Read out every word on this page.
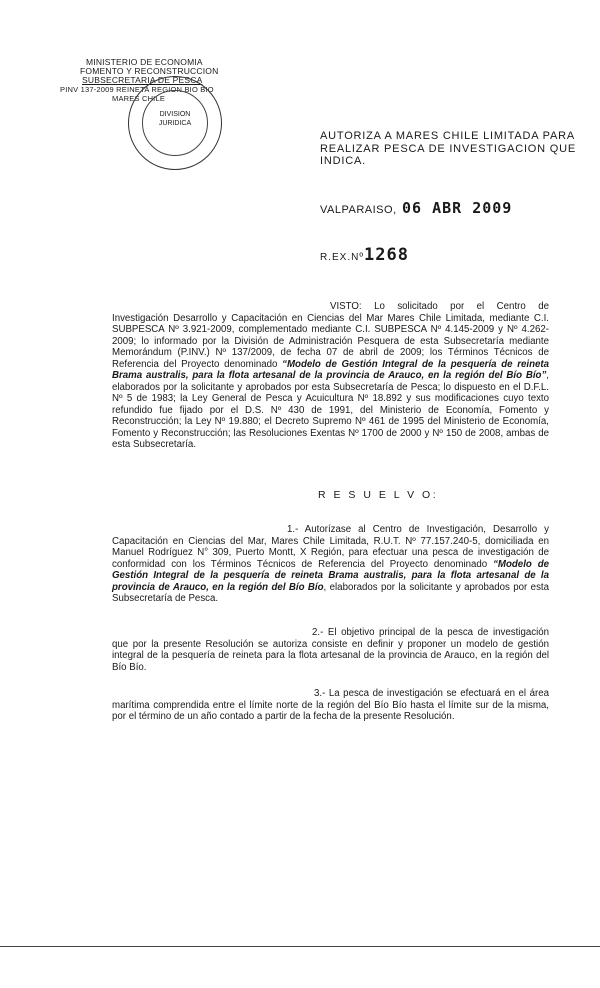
MINISTERIO DE ECONOMIA
FOMENTO Y RECONSTRUCCION
SUBSECRETARIA DE PESCA
PINV 137-2009 REINETA REGION BIO BIO
MARES CHILE
DIVISION
JURIDICA
AUTORIZA A MARES CHILE LIMITADA PARA
REALIZAR PESCA DE INVESTIGACION QUE
INDICA.
VALPARAISO, 06 ABR 2009
R.EX.Nº 1268
VISTO: Lo solicitado por el Centro de Investigación Desarrollo y Capacitación en Ciencias del Mar Mares Chile Limitada, mediante C.I. SUBPESCA Nº 3.921-2009, complementado mediante C.I. SUBPESCA Nº 4.145-2009 y Nº 4.262-2009; lo informado por la División de Administración Pesquera de esta Subsecretaría mediante Memorándum (P.INV.) Nº 137/2009, de fecha 07 de abril de 2009; los Términos Técnicos de Referencia del Proyecto denominado “Modelo de Gestión Integral de la pesquería de reineta Brama australis, para la flota artesanal de la provincia de Arauco, en la región del Bío Bío”, elaborados por la solicitante y aprobados por esta Subsecretaría de Pesca; lo dispuesto en el D.F.L. Nº 5 de 1983; la Ley General de Pesca y Acuicultura Nº 18.892 y sus modificaciones cuyo texto refundido fue fijado por el D.S. Nº 430 de 1991, del Ministerio de Economía, Fomento y Reconstrucción; la Ley Nº 19.880; el Decreto Supremo Nº 461 de 1995 del Ministerio de Economía, Fomento y Reconstrucción; las Resoluciones Exentas Nº 1700 de 2000 y Nº 150 de 2008, ambas de esta Subsecretaría.
R E S U E L V O:
1.- Autorízase al Centro de Investigación, Desarrollo y Capacitación en Ciencias del Mar, Mares Chile Limitada, R.U.T. Nº 77.157.240-5, domiciliada en Manuel Rodríguez N° 309, Puerto Montt, X Región, para efectuar una pesca de investigación de conformidad con los Términos Técnicos de Referencia del Proyecto denominado “Modelo de Gestión Integral de la pesquería de reineta Brama australis, para la flota artesanal de la provincia de Arauco, en la región del Bío Bío, elaborados por la solicitante y aprobados por esta Subsecretaría de Pesca.
2.- El objetivo principal de la pesca de investigación que por la presente Resolución se autoriza consiste en definir y proponer un modelo de gestión integral de la pesquería de reineta para la flota artesanal de la provincia de Arauco, en la región del Bío Bío.
3.- La pesca de investigación se efectuará en el área marítima comprendida entre el límite norte de la región del Bío Bío hasta el límite sur de la misma, por el término de un año contado a partir de la fecha de la presente Resolución.
